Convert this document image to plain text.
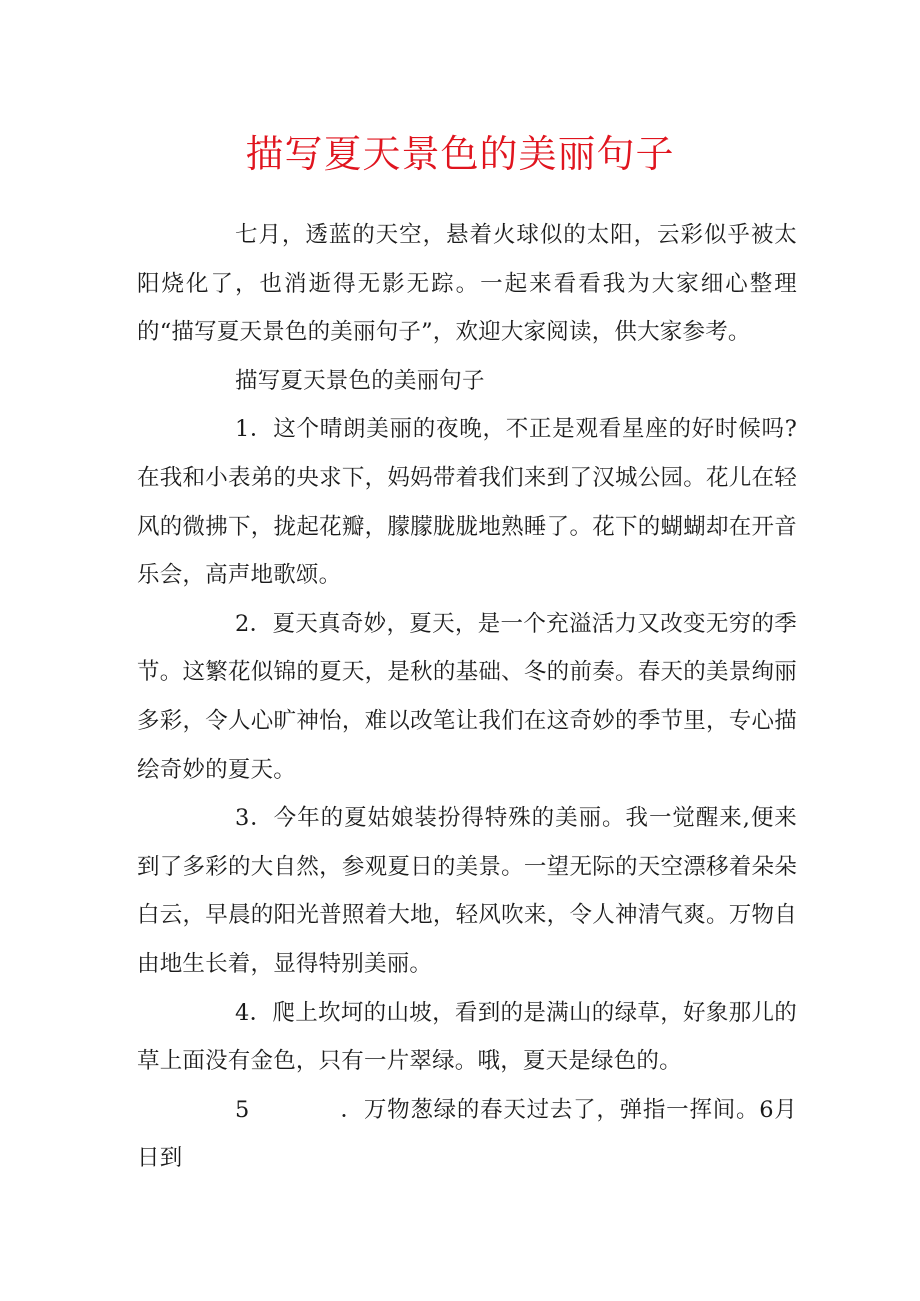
描写夏天景色的美丽句子

七月，透蓝的天空，悬着火球似的太阳，云彩似乎被太阳烧化了，也消逝得无影无踪。一起来看看我为大家细心整理的“描写夏天景色的美丽句子”，欢迎大家阅读，供大家参考。

描写夏天景色的美丽句子

1．这个晴朗美丽的夜晚，不正是观看星座的好时候吗?在我和小表弟的央求下，妈妈带着我们来到了汉城公园。花儿在轻风的微拂下，拢起花瓣，朦朦胧胧地熟睡了。花下的蝴蝴却在开音乐会，高声地歌颂。

2．夏天真奇妙，夏天，是一个充溢活力又改变无穷的季节。这繁花似锦的夏天，是秋的基础、冬的前奏。春天的美景绚丽多彩，令人心旷神怡，难以改笔让我们在这奇妙的季节里，专心描绘奇妙的夏天。

3．今年的夏姑娘装扮得特殊的美丽。我一觉醒来,便来到了多彩的大自然，参观夏日的美景。一望无际的天空漂移着朵朵白云，早晨的阳光普照着大地，轻风吹来，令人神清气爽。万物自由地生长着，显得特别美丽。

4．爬上坎坷的山坡，看到的是满山的绿草，好象那儿的草上面没有金色，只有一片翠绿。哦，夏天是绿色的。

5	．万物葱绿的春天过去了，弹指一挥间。6月日到
